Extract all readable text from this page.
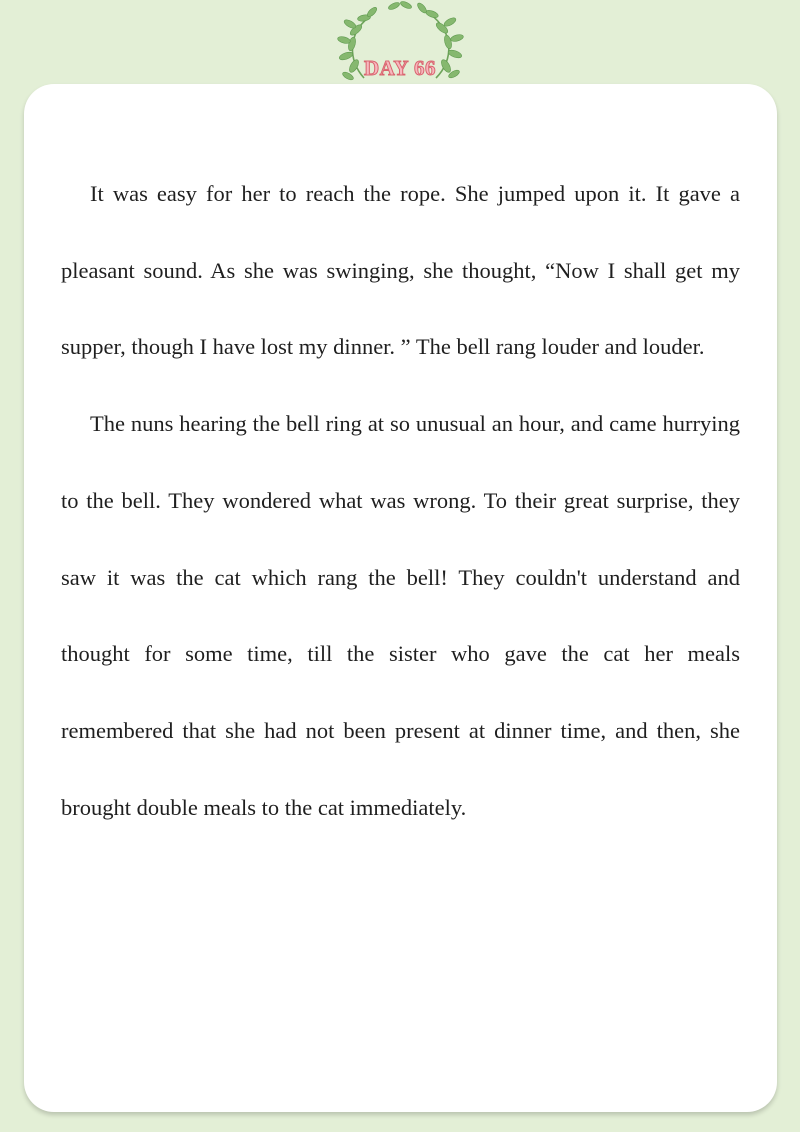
DAY 66

It was easy for her to reach the rope. She jumped upon it. It gave a pleasant sound. As she was swinging, she thought, “Now I shall get my supper, though I have lost my dinner. ” The bell rang louder and louder.

The nuns hearing the bell ring at so unusual an hour, and came hurrying to the bell. They wondered what was wrong. To their great surprise, they saw it was the cat which rang the bell! They couldn't understand and thought for some time, till the sister who gave the cat her meals remembered that she had not been present at dinner time, and then, she brought double meals to the cat immediately.
